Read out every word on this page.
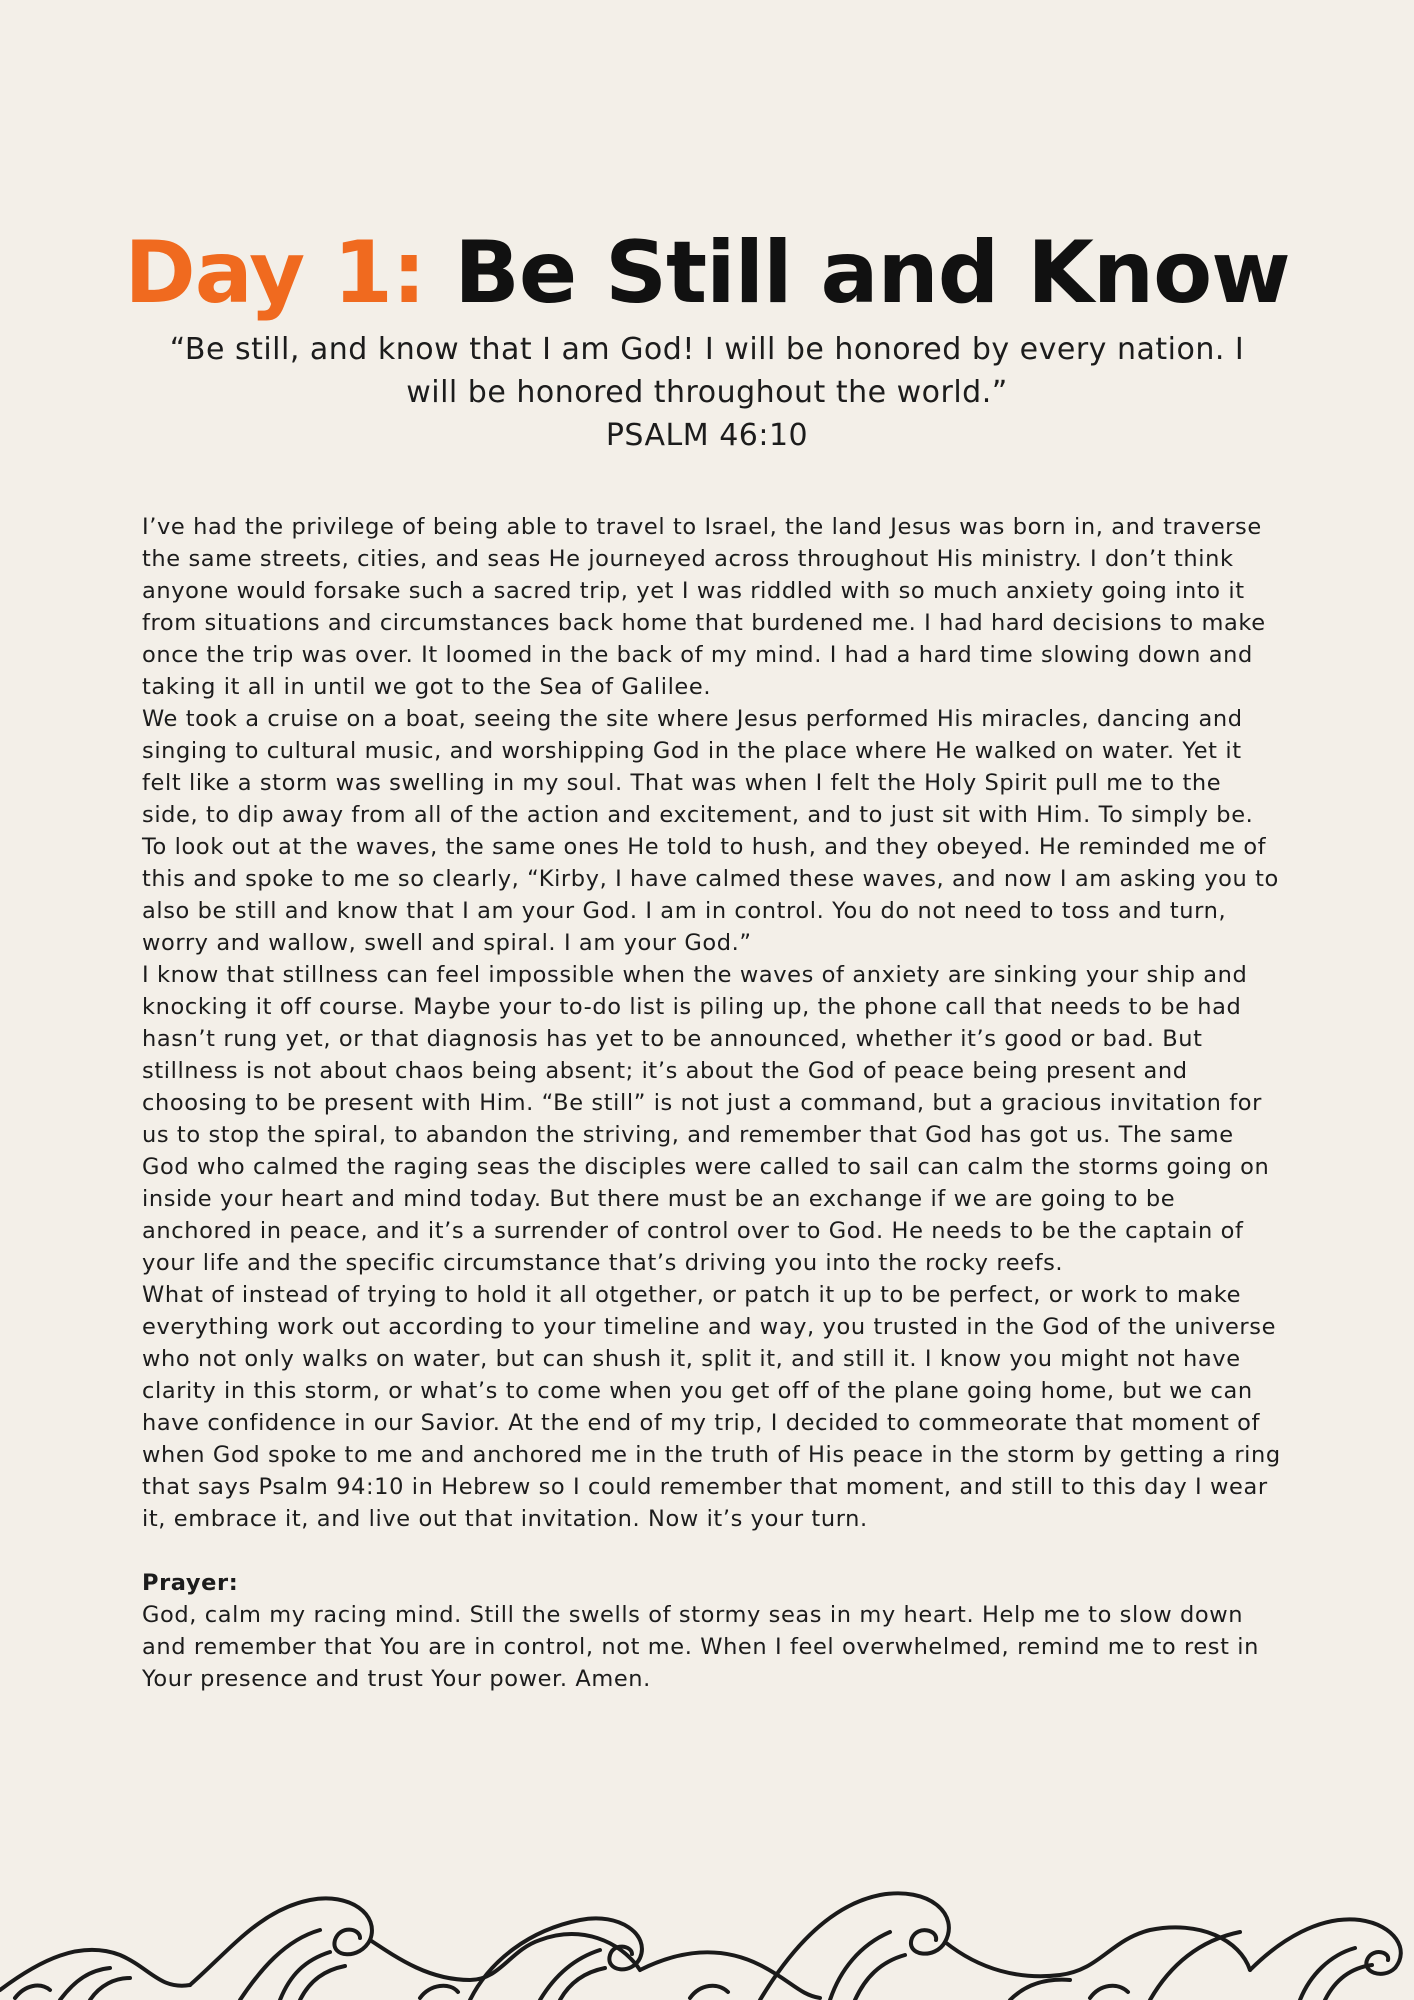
Day 1: Be Still and Know
“Be still, and know that I am God! I will be honored by every nation. I will be honored throughout the world.”
PSALM 46:10

I’ve had the privilege of being able to travel to Israel, the land Jesus was born in, and traverse the same streets, cities, and seas He journeyed across throughout His ministry. I don’t think anyone would forsake such a sacred trip, yet I was riddled with so much anxiety going into it from situations and circumstances back home that burdened me. I had hard decisions to make once the trip was over. It loomed in the back of my mind. I had a hard time slowing down and taking it all in until we got to the Sea of Galilee.

We took a cruise on a boat, seeing the site where Jesus performed His miracles, dancing and singing to cultural music, and worshipping God in the place where He walked on water. Yet it felt like a storm was swelling in my soul. That was when I felt the Holy Spirit pull me to the side, to dip away from all of the action and excitement, and to just sit with Him. To simply be. To look out at the waves, the same ones He told to hush, and they obeyed. He reminded me of this and spoke to me so clearly, “Kirby, I have calmed these waves, and now I am asking you to also be still and know that I am your God. I am in control. You do not need to toss and turn, worry and wallow, swell and spiral. I am your God.”

I know that stillness can feel impossible when the waves of anxiety are sinking your ship and knocking it off course. Maybe your to-do list is piling up, the phone call that needs to be had hasn’t rung yet, or that diagnosis has yet to be announced, whether it’s good or bad. But stillness is not about chaos being absent; it’s about the God of peace being present and choosing to be present with Him. “Be still” is not just a command, but a gracious invitation for us to stop the spiral, to abandon the striving, and remember that God has got us. The same God who calmed the raging seas the disciples were called to sail can calm the storms going on inside your heart and mind today. But there must be an exchange if we are going to be anchored in peace, and it’s a surrender of control over to God. He needs to be the captain of your life and the specific circumstance that’s driving you into the rocky reefs.

What of instead of trying to hold it all otgether, or patch it up to be perfect, or work to make everything work out according to your timeline and way, you trusted in the God of the universe who not only walks on water, but can shush it, split it, and still it. I know you might not have clarity in this storm, or what’s to come when you get off of the plane going home, but we can have confidence in our Savior. At the end of my trip, I decided to commeorate that moment of when God spoke to me and anchored me in the truth of His peace in the storm by getting a ring that says Psalm 94:10 in Hebrew so I could remember that moment, and still to this day I wear it, embrace it, and live out that invitation. Now it’s your turn.

Prayer:

God, calm my racing mind. Still the swells of stormy seas in my heart. Help me to slow down and remember that You are in control, not me. When I feel overwhelmed, remind me to rest in Your presence and trust Your power. Amen.
